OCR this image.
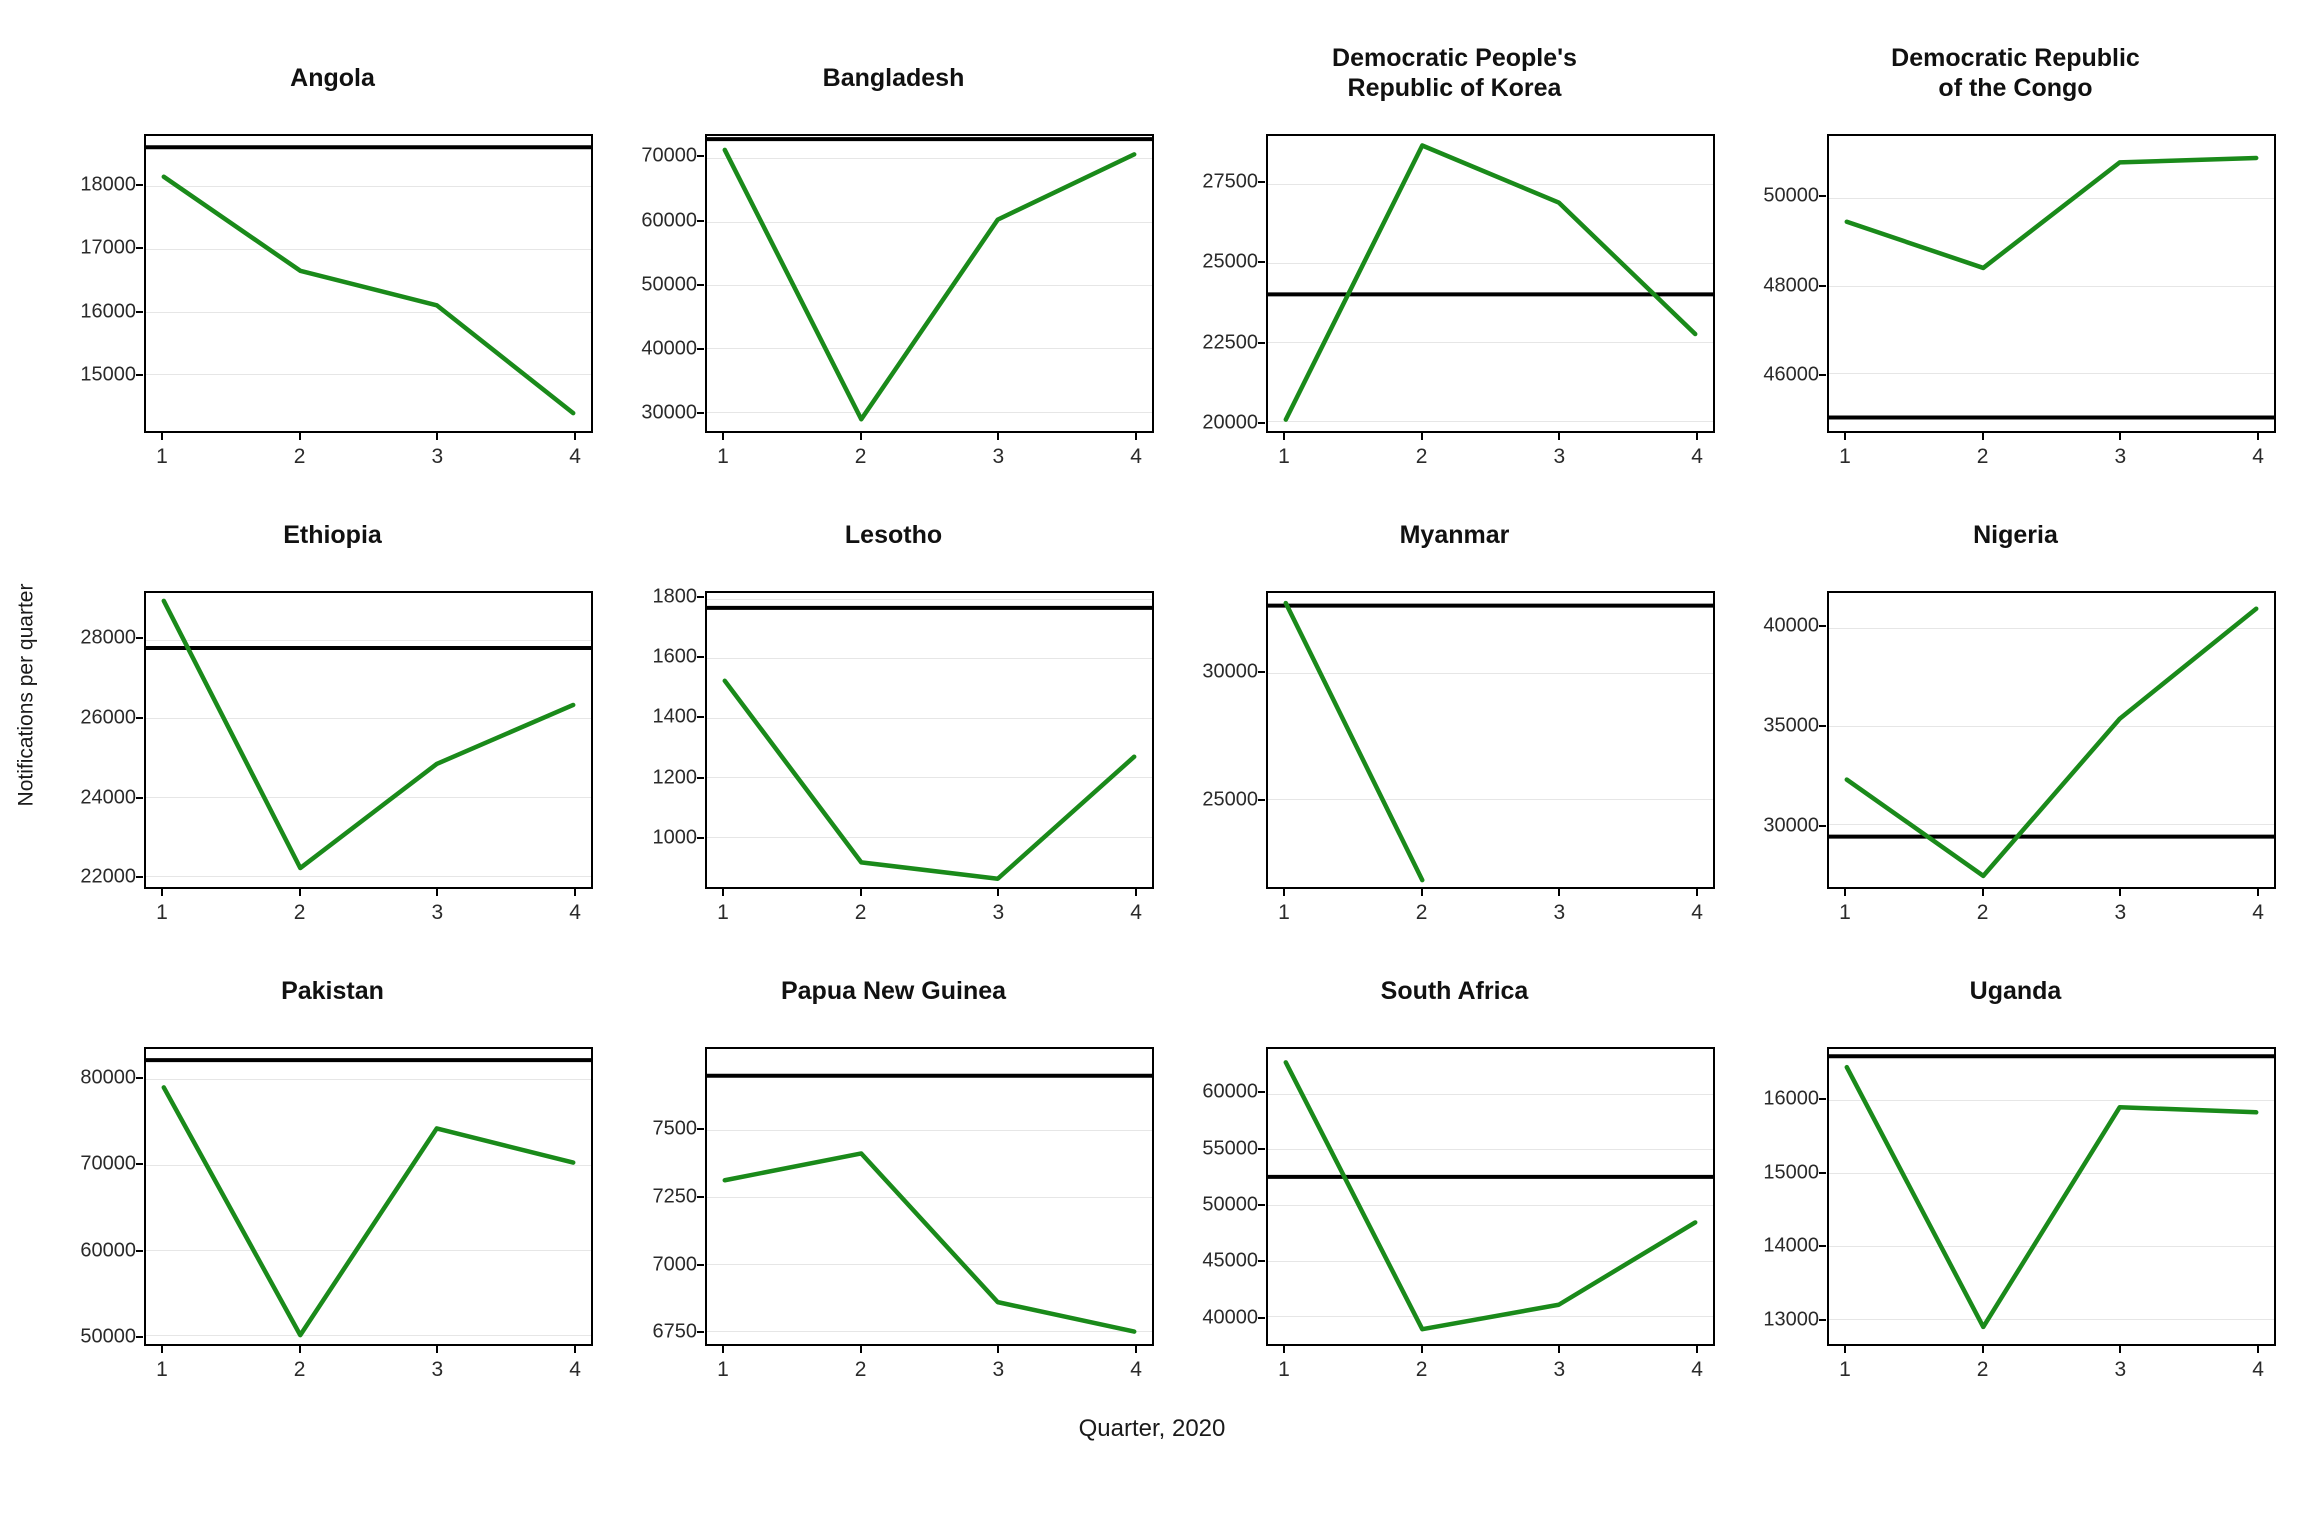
Notifications per quarter
Angola
15000
16000
17000
18000
1	2	3	4
Bangladesh
30000
40000
50000
60000
70000
1	2	3	4
Democratic People's
Republic of Korea
20000
22500
25000
27500
1	2	3	4
Democratic Republic
of the Congo
46000
48000
50000
1	2	3	4
Ethiopia
22000
24000
26000
28000
1	2	3	4
Lesotho
1000
1200
1400
1600
1800
1	2	3	4
Myanmar
25000
30000
1	2	3	4
Nigeria
30000
35000
40000
1	2	3	4
Pakistan
50000
60000
70000
80000
1	2	3	4
Papua New Guinea
6750
7000
7250
7500
1	2	3	4
South Africa
40000
45000
50000
55000
60000
1	2	3	4
Uganda
13000
14000
15000
16000
1	2	3	4
Quarter, 2020
